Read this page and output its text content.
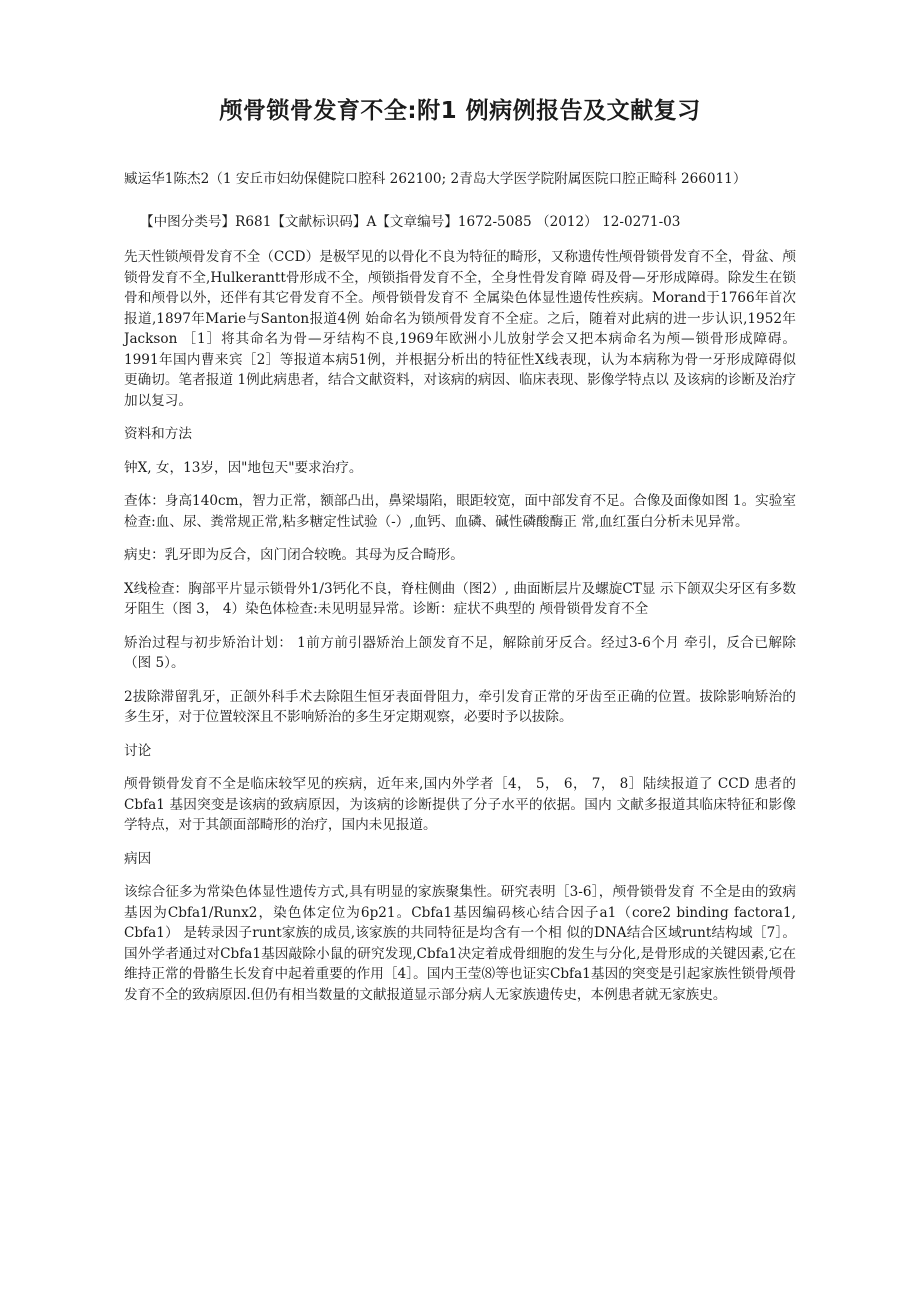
颅骨锁骨发育不全:附1 例病例报告及文献复习
臧运华1陈杰2（1 安丘市妇幼保健院口腔科 262100; 2青岛大学医学院附属医院口腔正畸科 266011）
【中图分类号】R681【文献标识码】A【文章编号】1672-5085 （2012） 12-0271-03

先天性锁颅骨发育不全（CCD）是极罕见的以骨化不良为特征的畸形，又称遗传性颅骨锁骨发育不全，骨盆、颅锁骨发育不全,Hulkerantt骨形成不全，颅锁指骨发育不全，全身性骨发育障 碍及骨—牙形成障碍。除发生在锁骨和颅骨以外，还伴有其它骨发育不全。颅骨锁骨发育不 全属染色体显性遗传性疾病。Morand于1766年首次报道,1897年Marie与Santon报道4例 始命名为锁颅骨发育不全症。之后，随着对此病的进一步认识,1952年Jackson ［1］将其命名为骨—牙结构不良,1969年欧洲小儿放射学会又把本病命名为颅—锁骨形成障碍。 1991年国内曹来宾［2］等报道本病51例，并根据分析出的特征性X线表现，认为本病称为骨一牙形成障碍似 更确切。笔者报道 1例此病患者，结合文献资料，对该病的病因、临床表现、影像学特点以 及该病的诊断及治疗加以复习。

资料和方法

钟X, 女，13岁，因"地包天"要求治疗。

查体：身高140cm，智力正常，额部凸出，鼻梁塌陷，眼距较宽，面中部发育不足。合像及面像如图 1。实验室检查:血、尿、粪常规正常,粘多糖定性试验（-）,血钙、血磷、碱性磷酸酶正 常,血红蛋白分析未见异常。

病史：乳牙即为反合，囟门闭合较晚。其母为反合畸形。

X线检查：胸部平片显示锁骨外1/3钙化不良，脊柱侧曲（图2）, 曲面断层片及螺旋CT显 示下颌双尖牙区有多数牙阻生（图 3， 4）染色体检查:未见明显异常。诊断：症状不典型的 颅骨锁骨发育不全

矫治过程与初步矫治计划： 1前方前引器矫治上颌发育不足，解除前牙反合。经过3-6个月 牵引，反合已解除（图 5）。

2拔除滞留乳牙，正颌外科手术去除阻生恒牙表面骨阻力，牵引发育正常的牙齿至正确的位置。拔除影响矫治的多生牙，对于位置较深且不影响矫治的多生牙定期观察，必要时予以拔除。

讨论

颅骨锁骨发育不全是临床较罕见的疾病，近年来,国内外学者［4， 5， 6， 7， 8］陆续报道了 CCD 患者的 Cbfa1 基因突变是该病的致病原因，为该病的诊断提供了分子水平的依据。国内 文献多报道其临床特征和影像学特点，对于其颌面部畸形的治疗，国内未见报道。

病因

该综合征多为常染色体显性遗传方式,具有明显的家族聚集性。研究表明［3-6］，颅骨锁骨发育 不全是由的致病基因为Cbfa1/Runx2，染色体定位为6p21。Cbfa1基因编码核心结合因子a1（core2 binding factora1, Cbfa1） 是转录因子runt家族的成员,该家族的共同特征是均含有一个相 似的DNA结合区域runt结构域［7］。国外学者通过对Cbfa1基因敲除小鼠的研究发现,Cbfa1决定着成骨细胞的发生与分化,是骨形成的关键因素,它在维持正常的骨骼生长发育中起着重要的作用［4］。国内王莹⑻等也证实Cbfa1基因的突变是引起家族性锁骨颅骨发育不全的致病原因.但仍有相当数量的文献报道显示部分病人无家族遗传史，本例患者就无家族史。
